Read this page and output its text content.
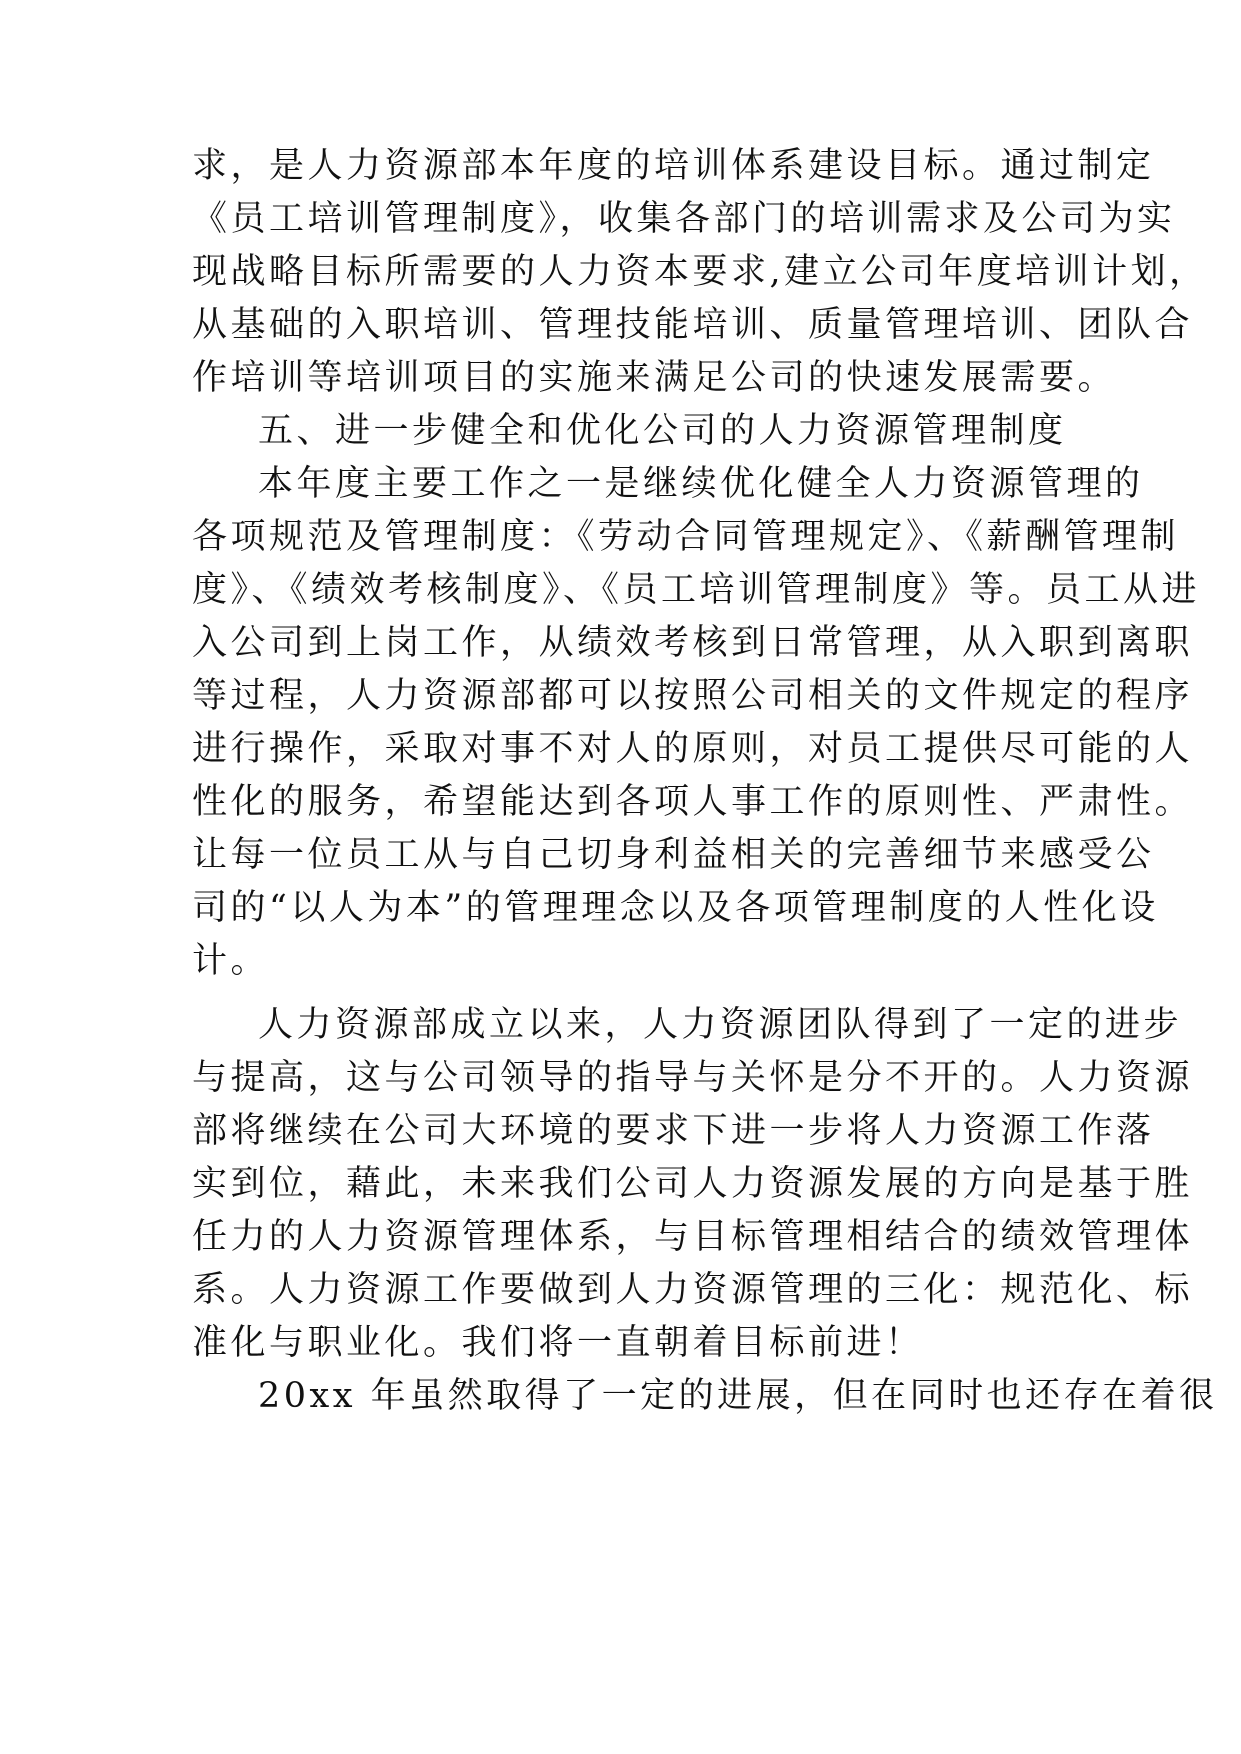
求，是人力资源部本年度的培训体系建设目标。通过制定
《员工培训管理制度》，收集各部门的培训需求及公司为实
现战略目标所需要的人力资本要求,建立公司年度培训计划，
从基础的入职培训、管理技能培训、质量管理培训、团队合
作培训等培训项目的实施来满足公司的快速发展需要。
五、进一步健全和优化公司的人力资源管理制度
本年度主要工作之一是继续优化健全人力资源管理的
各项规范及管理制度：《劳动合同管理规定》、《薪酬管理制
度》、《绩效考核制度》、《员工培训管理制度》等。员工从进
入公司到上岗工作，从绩效考核到日常管理，从入职到离职
等过程，人力资源部都可以按照公司相关的文件规定的程序
进行操作，采取对事不对人的原则，对员工提供尽可能的人
性化的服务，希望能达到各项人事工作的原则性、严肃性。
让每一位员工从与自己切身利益相关的完善细节来感受公
司的“以人为本”的管理理念以及各项管理制度的人性化设
计。
人力资源部成立以来，人力资源团队得到了一定的进步
与提高，这与公司领导的指导与关怀是分不开的。人力资源
部将继续在公司大环境的要求下进一步将人力资源工作落
实到位，藉此，未来我们公司人力资源发展的方向是基于胜
任力的人力资源管理体系，与目标管理相结合的绩效管理体
系。人力资源工作要做到人力资源管理的三化：规范化、标
准化与职业化。我们将一直朝着目标前进！
20xx 年虽然取得了一定的进展，但在同时也还存在着很
